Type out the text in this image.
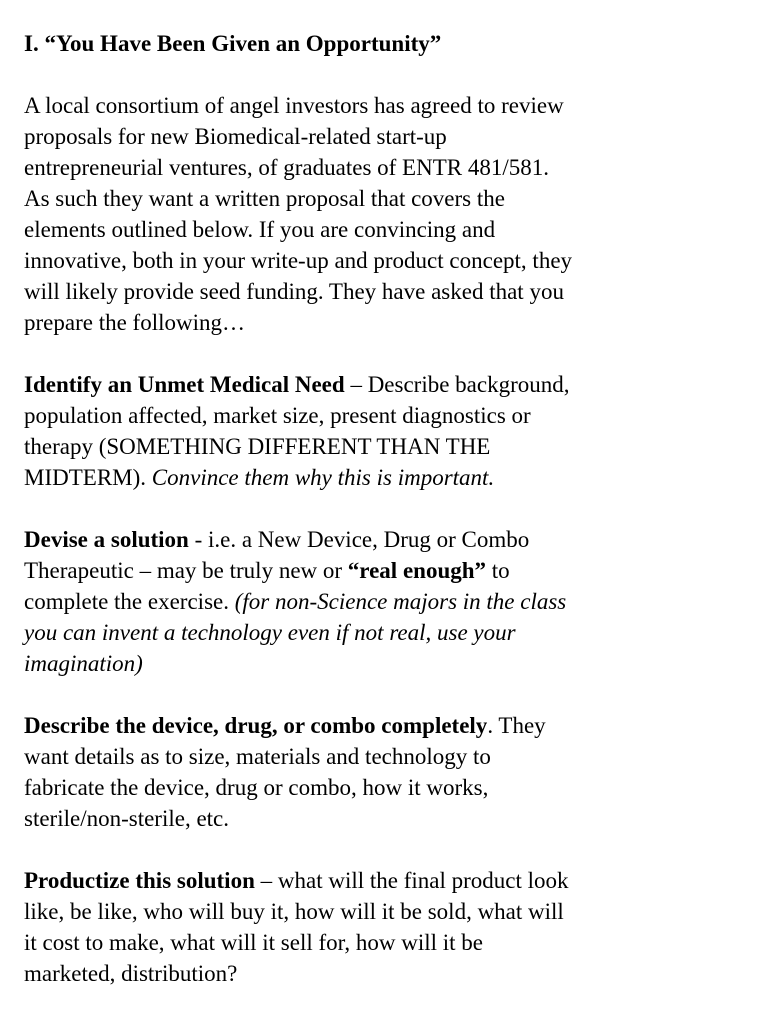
I. “You Have Been Given an Opportunity”
A local consortium of angel investors has agreed to review
proposals for new Biomedical-related start-up
entrepreneurial ventures, of graduates of ENTR 481/581.
As such they want a written proposal that covers the
elements outlined below. If you are convincing and
innovative, both in your write-up and product concept, they
will likely provide seed funding. They have asked that you
prepare the following…
Identify an Unmet Medical Need – Describe background,
population affected, market size, present diagnostics or
therapy (SOMETHING DIFFERENT THAN THE
MIDTERM). Convince them why this is important.
Devise a solution - i.e. a New Device, Drug or Combo
Therapeutic – may be truly new or “real enough” to
complete the exercise. (for non-Science majors in the class
you can invent a technology even if not real, use your
imagination)
Describe the device, drug, or combo completely. They
want details as to size, materials and technology to
fabricate the device, drug or combo, how it works,
sterile/non-sterile, etc.
Productize this solution – what will the final product look
like, be like, who will buy it, how will it be sold, what will
it cost to make, what will it sell for, how will it be
marketed, distribution?
